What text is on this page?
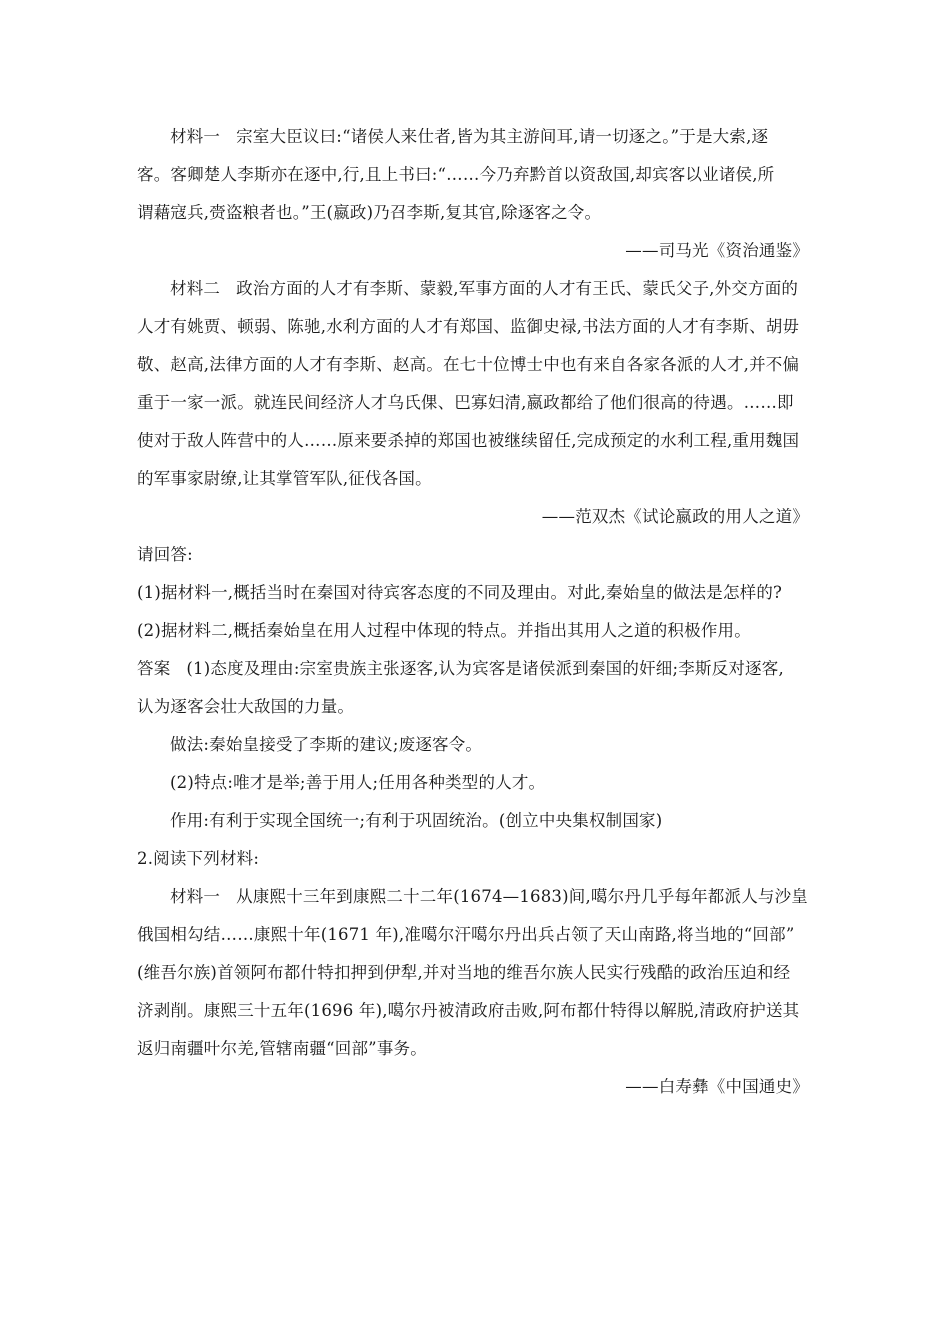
材料一 宗室大臣议曰:“诸侯人来仕者,皆为其主游间耳,请一切逐之。”于是大索,逐
客。客卿楚人李斯亦在逐中,行,且上书曰:“……今乃弃黔首以资敌国,却宾客以业诸侯,所
谓藉寇兵,赍盗粮者也。”王(嬴政)乃召李斯,复其官,除逐客之令。
——司马光《资治通鉴》
材料二 政治方面的人才有李斯、蒙毅,军事方面的人才有王氏、蒙氏父子,外交方面的
人才有姚贾、顿弱、陈驰,水利方面的人才有郑国、监御史禄,书法方面的人才有李斯、胡毋
敬、赵高,法律方面的人才有李斯、赵高。在七十位博士中也有来自各家各派的人才,并不偏
重于一家一派。就连民间经济人才乌氏倮、巴寡妇清,嬴政都给了他们很高的待遇。……即
使对于敌人阵营中的人……原来要杀掉的郑国也被继续留任,完成预定的水利工程,重用魏国
的军事家尉缭,让其掌管军队,征伐各国。
——范双杰《试论嬴政的用人之道》
请回答:
(1)据材料一,概括当时在秦国对待宾客态度的不同及理由。对此,秦始皇的做法是怎样的?
(2)据材料二,概括秦始皇在用人过程中体现的特点。并指出其用人之道的积极作用。
答案 (1)态度及理由:宗室贵族主张逐客,认为宾客是诸侯派到秦国的奸细;李斯反对逐客,
认为逐客会壮大敌国的力量。
做法:秦始皇接受了李斯的建议;废逐客令。
(2)特点:唯才是举;善于用人;任用各种类型的人才。
作用:有利于实现全国统一;有利于巩固统治。(创立中央集权制国家)
2.阅读下列材料:
材料一 从康熙十三年到康熙二十二年(1674—1683)间,噶尔丹几乎每年都派人与沙皇
俄国相勾结……康熙十年(1671 年),准噶尔汗噶尔丹出兵占领了天山南路,将当地的“回部”
(维吾尔族)首领阿布都什特扣押到伊犁,并对当地的维吾尔族人民实行残酷的政治压迫和经
济剥削。康熙三十五年(1696 年),噶尔丹被清政府击败,阿布都什特得以解脱,清政府护送其
返归南疆叶尔羌,管辖南疆“回部”事务。
——白寿彝《中国通史》
